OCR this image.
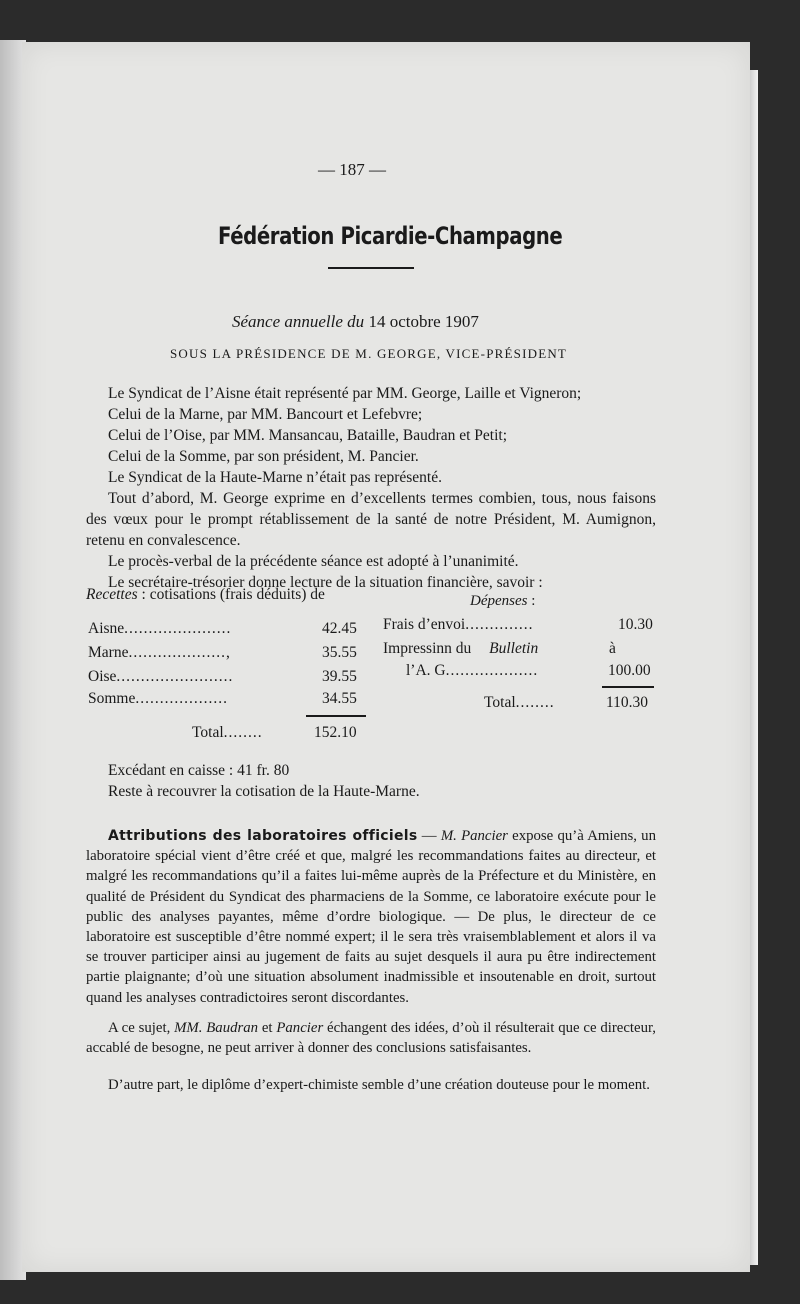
— 187 —
Fédération Picardie-Champagne
Séance annuelle du 14 octobre 1907
SOUS LA PRÉSIDENCE DE M. GEORGE, VICE-PRÉSIDENT
Le Syndicat de l’Aisne était représenté par MM. George, Laille et Vigneron;
Celui de la Marne, par MM. Bancourt et Lefebvre;
Celui de l’Oise, par MM. Mansancau, Bataille, Baudran et Petit;
Celui de la Somme, par son président, M. Pancier.
Le Syndicat de la Haute-Marne n’était pas représenté.
Tout d’abord, M. George exprime en d’excellents termes combien, tous, nous faisons des vœux pour le prompt rétablissement de la santé de notre Président, M. Aumignon, retenu en convalescence.
Le procès-verbal de la précédente séance est adopté à l’unanimité.
Le secrétaire-trésorier donne lecture de la situation financière, savoir :
Recettes : cotisations (frais déduits) de	Dépenses :
Aisne......................	42.45
Marne....................,	35.55
Oise........................	39.55
Somme...................	34.55
Total........	152.10
Frais d’envoi..............	10.30
Impressinn du Bulletin	à
l’A. G...................	100.00
Total........	110.30
Excédant en caisse : 41 fr. 80
Reste à recouvrer la cotisation de la Haute-Marne.
Attributions des laboratoires officiels — M. Pancier expose qu’à Amiens, un laboratoire spécial vient d’être créé et que, malgré les recommandations faites au directeur, et malgré les recommandations qu’il a faites lui-même auprès de la Préfecture et du Ministère, en qualité de Président du Syndicat des pharmaciens de la Somme, ce laboratoire exécute pour le public des analyses payantes, même d’ordre biologique. — De plus, le directeur de ce laboratoire est susceptible d’être nommé expert; il le sera très vraisemblablement et alors il va se trouver participer ainsi au jugement de faits au sujet desquels il aura pu être indirectement partie plaignante; d’où une situation absolument inadmissible et insoutenable en droit, surtout quand les analyses contradictoires seront discordantes.
A ce sujet, MM. Baudran et Pancier échangent des idées, d’où il résulterait que ce directeur, accablé de besogne, ne peut arriver à donner des conclusions satisfaisantes.
D’autre part, le diplôme d’expert-chimiste semble d’une création douteuse pour le moment.
